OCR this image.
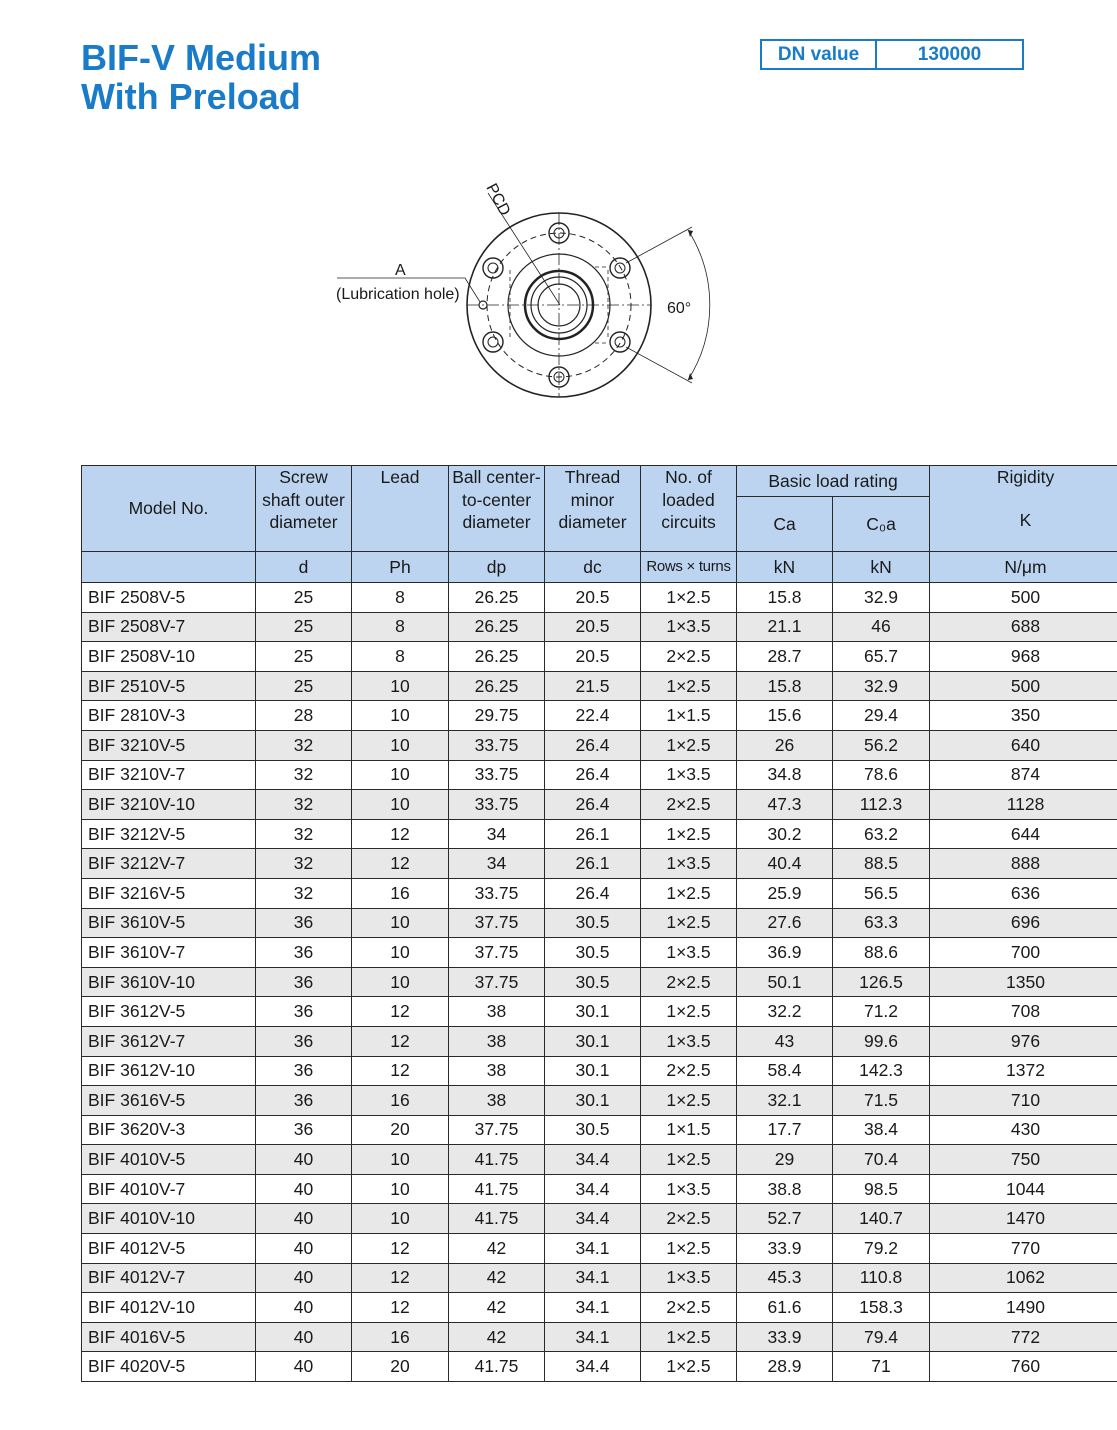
BIF-V Medium
With Preload
DN value	130000
PCD
A
(Lubrication hole)
60°
Model No.	Screw
shaft outer
diameter	Lead	Ball center-
to-center
diameter	Thread
minor
diameter	No. of
loaded
circuits	Basic load rating		Rigidity
K

						Ca	C₀a	
	d	Ph	dp	dc	Rows × turns	kN	kN	N/μm
BIF 2508V-5	25	8	26.25	20.5	1×2.5	15.8	32.9	500
BIF 2508V-7	25	8	26.25	20.5	1×3.5	21.1	46	688
BIF 2508V-10	25	8	26.25	20.5	2×2.5	28.7	65.7	968
BIF 2510V-5	25	10	26.25	21.5	1×2.5	15.8	32.9	500
BIF 2810V-3	28	10	29.75	22.4	1×1.5	15.6	29.4	350
BIF 3210V-5	32	10	33.75	26.4	1×2.5	26	56.2	640
BIF 3210V-7	32	10	33.75	26.4	1×3.5	34.8	78.6	874
BIF 3210V-10	32	10	33.75	26.4	2×2.5	47.3	112.3	1128
BIF 3212V-5	32	12	34	26.1	1×2.5	30.2	63.2	644
BIF 3212V-7	32	12	34	26.1	1×3.5	40.4	88.5	888
BIF 3216V-5	32	16	33.75	26.4	1×2.5	25.9	56.5	636
BIF 3610V-5	36	10	37.75	30.5	1×2.5	27.6	63.3	696
BIF 3610V-7	36	10	37.75	30.5	1×3.5	36.9	88.6	700
BIF 3610V-10	36	10	37.75	30.5	2×2.5	50.1	126.5	1350
BIF 3612V-5	36	12	38	30.1	1×2.5	32.2	71.2	708
BIF 3612V-7	36	12	38	30.1	1×3.5	43	99.6	976
BIF 3612V-10	36	12	38	30.1	2×2.5	58.4	142.3	1372
BIF 3616V-5	36	16	38	30.1	1×2.5	32.1	71.5	710
BIF 3620V-3	36	20	37.75	30.5	1×1.5	17.7	38.4	430
BIF 4010V-5	40	10	41.75	34.4	1×2.5	29	70.4	750
BIF 4010V-7	40	10	41.75	34.4	1×3.5	38.8	98.5	1044
BIF 4010V-10	40	10	41.75	34.4	2×2.5	52.7	140.7	1470
BIF 4012V-5	40	12	42	34.1	1×2.5	33.9	79.2	770
BIF 4012V-7	40	12	42	34.1	1×3.5	45.3	110.8	1062
BIF 4012V-10	40	12	42	34.1	2×2.5	61.6	158.3	1490
BIF 4016V-5	40	16	42	34.1	1×2.5	33.9	79.4	772
BIF 4020V-5	40	20	41.75	34.4	1×2.5	28.9	71	760
